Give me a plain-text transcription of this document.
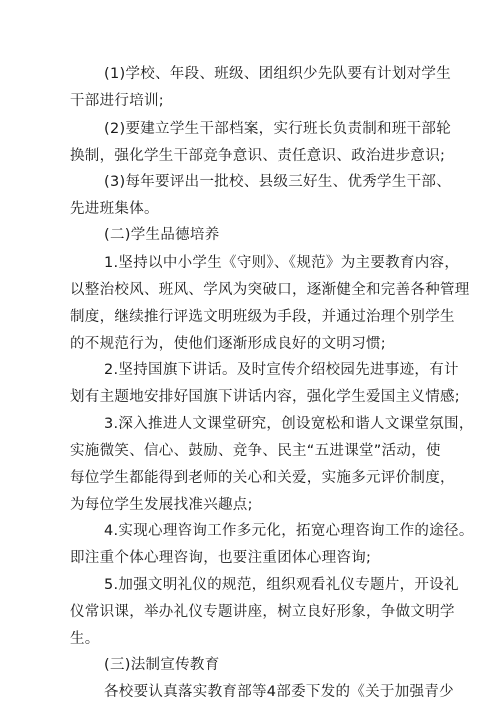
(1)学校、年段、班级、团组织少先队要有计划对学生
干部进行培训;
(2)要建立学生干部档案，实行班长负责制和班干部轮
换制，强化学生干部竞争意识、责任意识、政治进步意识;
(3)每年要评出一批校、县级三好生、优秀学生干部、
先进班集体。
(二)学生品德培养
1.坚持以中小学生《守则》、《规范》为主要教育内容，
以整治校风、班风、学风为突破口，逐渐健全和完善各种管理
制度，继续推行评选文明班级为手段，并通过治理个别学生
的不规范行为，使他们逐渐形成良好的文明习惯;
2.坚持国旗下讲话。及时宣传介绍校园先进事迹，有计
划有主题地安排好国旗下讲话内容，强化学生爱国主义情感;
3.深入推进人文课堂研究，创设宽松和谐人文课堂氛围，
实施微笑、信心、鼓励、竞争、民主“五进课堂”活动，使
每位学生都能得到老师的关心和关爱，实施多元评价制度，
为每位学生发展找准兴趣点;
4.实现心理咨询工作多元化，拓宽心理咨询工作的途径。
即注重个体心理咨询，也要注重团体心理咨询;
5.加强文明礼仪的规范，组织观看礼仪专题片，开设礼
仪常识课，举办礼仪专题讲座，树立良好形象，争做文明学
生。
(三)法制宣传教育
各校要认真落实教育部等4部委下发的《关于加强青少
